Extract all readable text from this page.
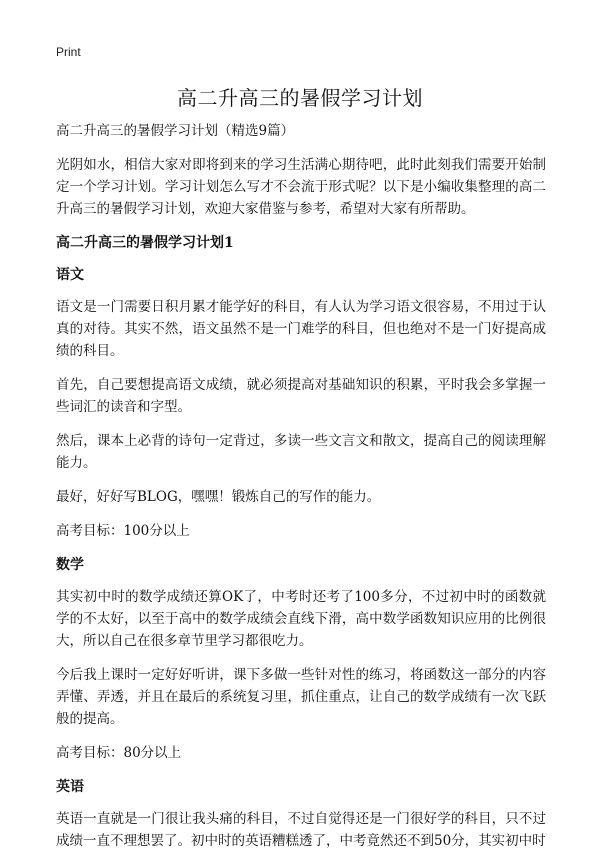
Print
高二升高三的暑假学习计划

高二升高三的暑假学习计划（精选9篇）

光阴如水，相信大家对即将到来的学习生活满心期待吧，此时此刻我们需要开始制定一个学习计划。学习计划怎么写才不会流于形式呢？以下是小编收集整理的高二升高三的暑假学习计划，欢迎大家借鉴与参考，希望对大家有所帮助。

高二升高三的暑假学习计划1
语文

语文是一门需要日积月累才能学好的科目，有人认为学习语文很容易，不用过于认真的对待。其实不然，语文虽然不是一门难学的科目，但也绝对不是一门好提高成绩的科目。

首先，自己要想提高语文成绩，就必须提高对基础知识的积累，平时我会多掌握一些词汇的读音和字型。

然后，课本上必背的诗句一定背过，多读一些文言文和散文，提高自己的阅读理解能力。

最好，好好写BLOG，嘿嘿！锻炼自己的写作的能力。

高考目标：100分以上

数学

其实初中时的数学成绩还算OK了，中考时还考了100多分，不过初中时的函数就学的不太好，以至于高中的数学成绩会直线下滑，高中数学函数知识应用的比例很大，所以自己在很多章节里学习都很吃力。

今后我上课时一定好好听讲，课下多做一些针对性的练习，将函数这一部分的内容弄懂、弄透，并且在最后的系统复习里，抓住重点，让自己的数学成绩有一次飞跃般的提高。

高考目标：80分以上

英语

英语一直就是一门很让我头痛的科目，不过自觉得还是一门很好学的科目，只不过成绩一直不理想罢了。初中时的英语糟糕透了，中考竟然还不到50分，其实初中时
